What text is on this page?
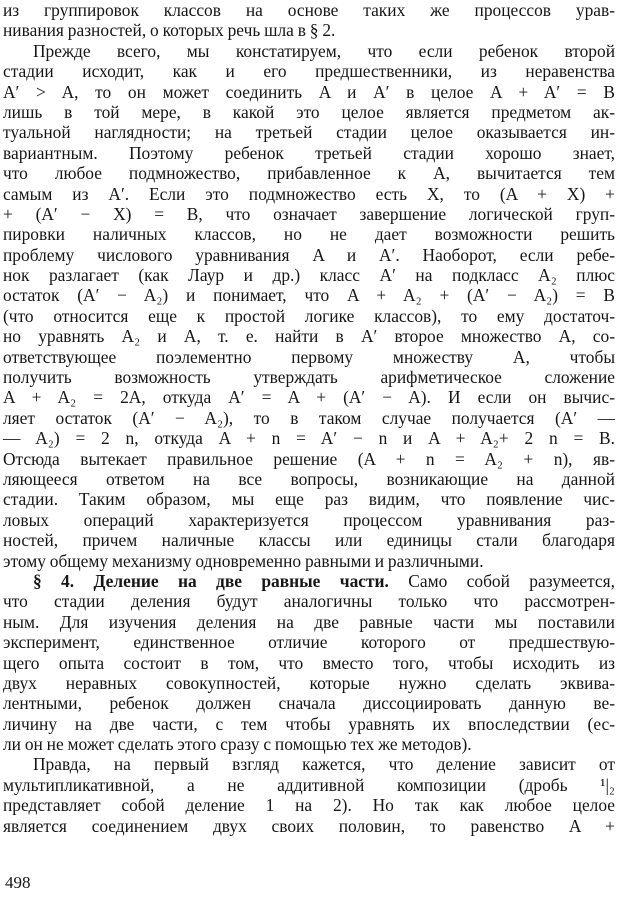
из группировок классов на основе таких же процессов урав-
нивания разностей, о которых речь шла в § 2.
Прежде всего, мы констатируем, что если ребенок второй
стадии исходит, как и его предшественники, из неравенства
A′ > A, то он может соединить A и A′ в целое A + A′ = B
лишь в той мере, в какой это целое является предметом ак-
туальной наглядности; на третьей стадии целое оказывается ин-
вариантным. Поэтому ребенок третьей стадии хорошо знает,
что любое подмножество, прибавленное к A, вычитается тем
самым из A′. Если это подмножество есть X, то (A + X) +
+ (A′ − X) = B, что означает завершение логической груп-
пировки наличных классов, но не дает возможности решить
проблему числового уравнивания A и A′. Наоборот, если ребе-
нок разлагает (как Лаур и др.) класс A′ на подкласс A₂ плюс
остаток (A′ − A₂) и понимает, что A + A₂ + (A′ − A₂) = B
(что относится еще к простой логике классов), то ему достаточ-
но уравнять A₂ и A, т. е. найти в A′ второе множество A, со-
ответствующее поэлементно первому множеству A, чтобы
получить возможность утверждать арифметическое сложение
A + A₂ = 2A, откуда A′ = A + (A′ − A). И если он вычис-
ляет остаток (A′ − A₂), то в таком случае получается (A′ —
— A₂) = 2 n, откуда A + n = A′ − n и A + A₂+ 2 n = B.
Отсюда вытекает правильное решение (A + n = A₂ + n), яв-
ляющееся ответом на все вопросы, возникающие на данной
стадии. Таким образом, мы еще раз видим, что появление чис-
ловых операций характеризуется процессом уравнивания раз-
ностей, причем наличные классы или единицы стали благодаря
этому общему механизму одновременно равными и различными.
§ 4. Деление на две равные части. Само собой разумеется,
что стадии деления будут аналогичны только что рассмотрен-
ным. Для изучения деления на две равные части мы поставили
эксперимент, единственное отличие которого от предшествую-
щего опыта состоит в том, что вместо того, чтобы исходить из
двух неравных совокупностей, которые нужно сделать эквива-
лентными, ребенок должен сначала диссоциировать данную ве-
личину на две части, с тем чтобы уравнять их впоследствии (ес-
ли он не может сделать этого сразу с помощью тех же методов).
Правда, на первый взгляд кажется, что деление зависит от
мультипликативной, а не аддитивной композиции (дробь ¹|₂
представляет собой деление 1 на 2). Но так как любое целое
является соединением двух своих половин, то равенство A +
498
